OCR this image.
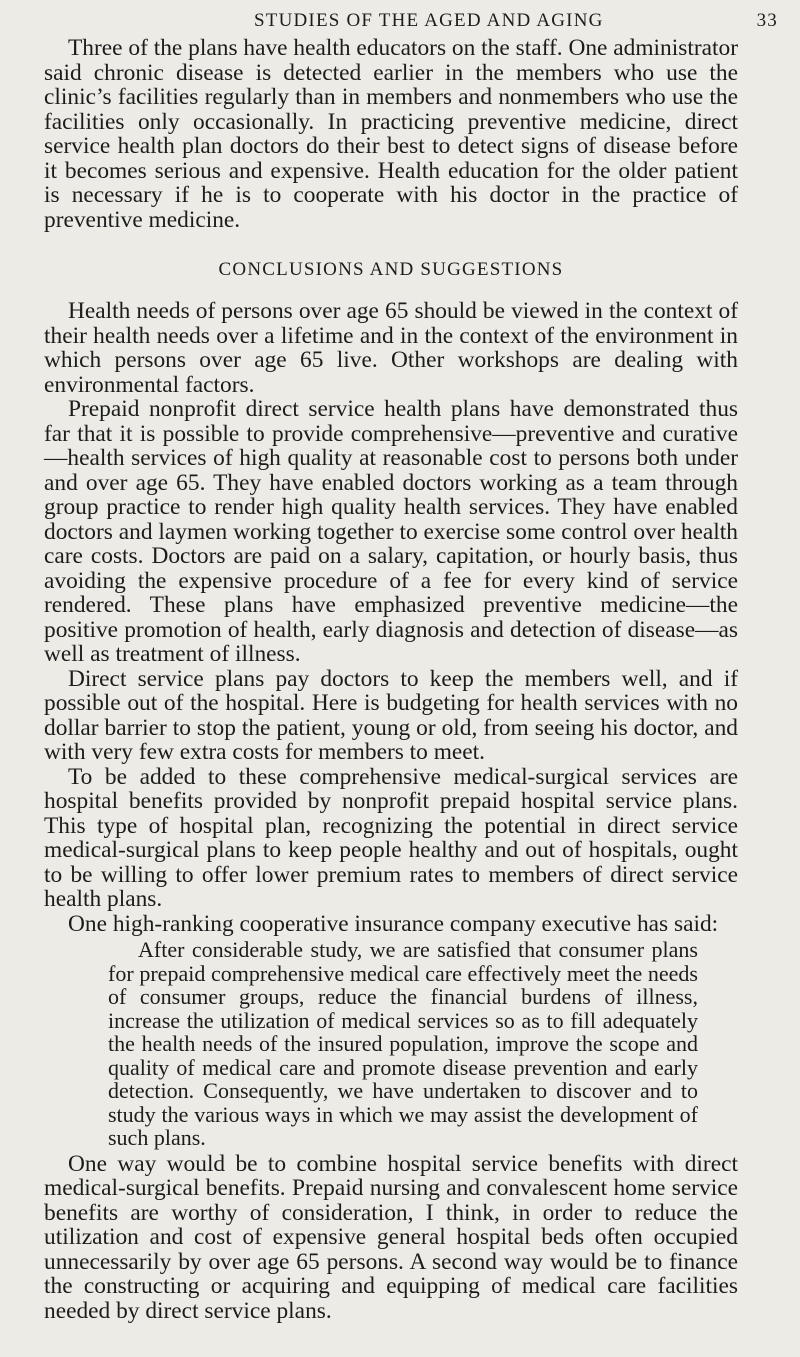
STUDIES OF THE AGED AND AGING	33

Three of the plans have health educators on the staff. One administrator said chronic disease is detected earlier in the members who use the clinic’s facilities regularly than in members and nonmembers who use the facilities only occasionally. In practicing preventive medicine, direct service health plan doctors do their best to detect signs of disease before it becomes serious and expensive. Health education for the older patient is necessary if he is to cooperate with his doctor in the practice of preventive medicine.

CONCLUSIONS AND SUGGESTIONS

Health needs of persons over age 65 should be viewed in the context of their health needs over a lifetime and in the context of the environment in which persons over age 65 live. Other workshops are dealing with environmental factors.

Prepaid nonprofit direct service health plans have demonstrated thus far that it is possible to provide comprehensive—preventive and curative—health services of high quality at reasonable cost to persons both under and over age 65. They have enabled doctors working as a team through group practice to render high quality health services. They have enabled doctors and laymen working together to exercise some control over health care costs. Doctors are paid on a salary, capitation, or hourly basis, thus avoiding the expensive procedure of a fee for every kind of service rendered. These plans have emphasized preventive medicine—the positive promotion of health, early diagnosis and detection of disease—as well as treatment of illness.

Direct service plans pay doctors to keep the members well, and if possible out of the hospital. Here is budgeting for health services with no dollar barrier to stop the patient, young or old, from seeing his doctor, and with very few extra costs for members to meet.

To be added to these comprehensive medical-surgical services are hospital benefits provided by nonprofit prepaid hospital service plans. This type of hospital plan, recognizing the potential in direct service medical-surgical plans to keep people healthy and out of hospitals, ought to be willing to offer lower premium rates to members of direct service health plans.

One high-ranking cooperative insurance company executive has said:

After considerable study, we are satisfied that consumer plans for prepaid comprehensive medical care effectively meet the needs of consumer groups, reduce the financial burdens of illness, increase the utilization of medical services so as to fill adequately the health needs of the insured population, improve the scope and quality of medical care and promote disease prevention and early detection. Consequently, we have undertaken to discover and to study the various ways in which we may assist the development of such plans.

One way would be to combine hospital service benefits with direct medical-surgical benefits. Prepaid nursing and convalescent home service benefits are worthy of consideration, I think, in order to reduce the utilization and cost of expensive general hospital beds often occupied unnecessarily by over age 65 persons. A second way would be to finance the constructing or acquiring and equipping of medical care facilities needed by direct service plans.
